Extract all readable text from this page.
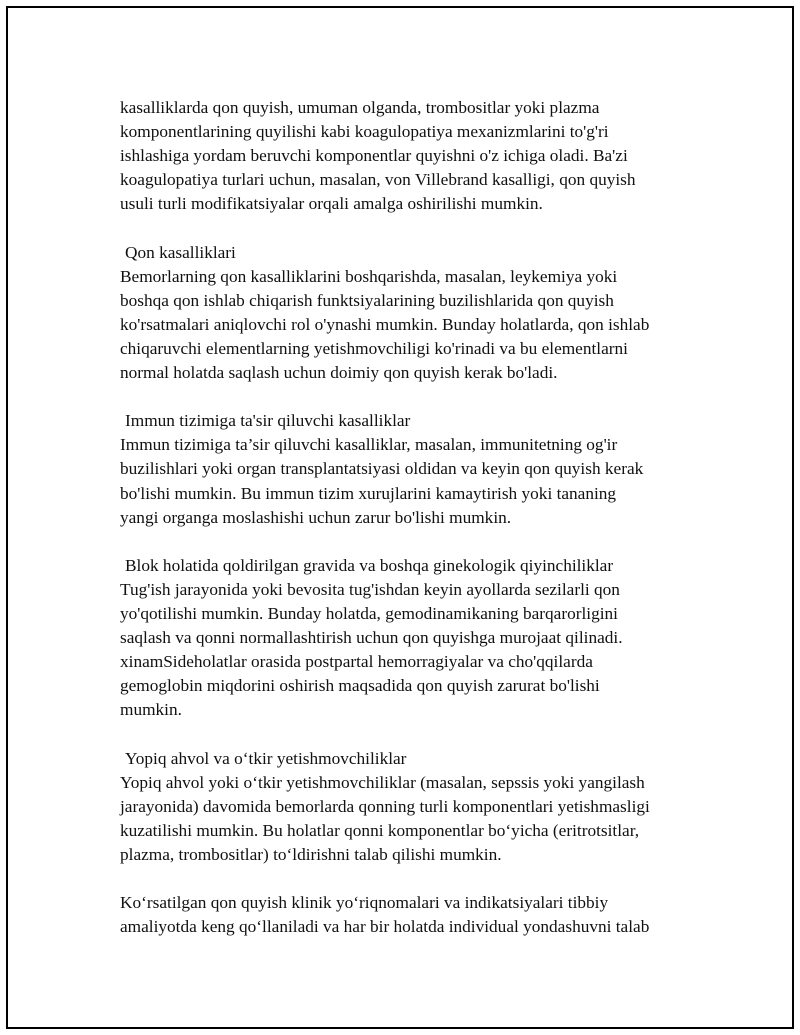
kasalliklarda qon quyish, umuman olganda, trombositlar yoki plazma
komponentlarining quyilishi kabi koagulopatiya mexanizmlarini to'g'ri
ishlashiga yordam beruvchi komponentlar quyishni o'z ichiga oladi. Ba'zi
koagulopatiya turlari uchun, masalan, von Villebrand kasalligi, qon quyish
usuli turli modifikatsiyalar orqali amalga oshirilishi mumkin.
Qon kasalliklari
Bemorlarning qon kasalliklarini boshqarishda, masalan, leykemiya yoki
boshqa qon ishlab chiqarish funktsiyalarining buzilishlarida qon quyish
ko'rsatmalari aniqlovchi rol o'ynashi mumkin. Bunday holatlarda, qon ishlab
chiqaruvchi elementlarning yetishmovchiligi ko'rinadi va bu elementlarni
normal holatda saqlash uchun doimiy qon quyish kerak bo'ladi.
Immun tizimiga ta'sir qiluvchi kasalliklar
Immun tizimiga ta’sir qiluvchi kasalliklar, masalan, immunitetning og'ir
buzilishlari yoki organ transplantatsiyasi oldidan va keyin qon quyish kerak
bo'lishi mumkin. Bu immun tizim xurujlarini kamaytirish yoki tananing
yangi organga moslashishi uchun zarur bo'lishi mumkin.
Blok holatida qoldirilgan gravida va boshqa ginekologik qiyinchiliklar
Tug'ish jarayonida yoki bevosita tug'ishdan keyin ayollarda sezilarli qon
yo'qotilishi mumkin. Bunday holatda, gemodinamikaning barqarorligini
saqlash va qonni normallashtirish uchun qon quyishga murojaat qilinadi.
xinamSideholatlar orasida postpartal hemorragiyalar va cho'qqilarda
gemoglobin miqdorini oshirish maqsadida qon quyish zarurat bo'lishi
mumkin.
Yopiq ahvol va o‘tkir yetishmovchiliklar
Yopiq ahvol yoki o‘tkir yetishmovchiliklar (masalan, sepssis yoki yangilash
jarayonida) davomida bemorlarda qonning turli komponentlari yetishmasligi
kuzatilishi mumkin. Bu holatlar qonni komponentlar bo‘yicha (eritrotsitlar,
plazma, trombositlar) to‘ldirishni talab qilishi mumkin.
Ko‘rsatilgan qon quyish klinik yo‘riqnomalari va indikatsiyalari tibbiy
amaliyotda keng qo‘llaniladi va har bir holatda individual yondashuvni talab
